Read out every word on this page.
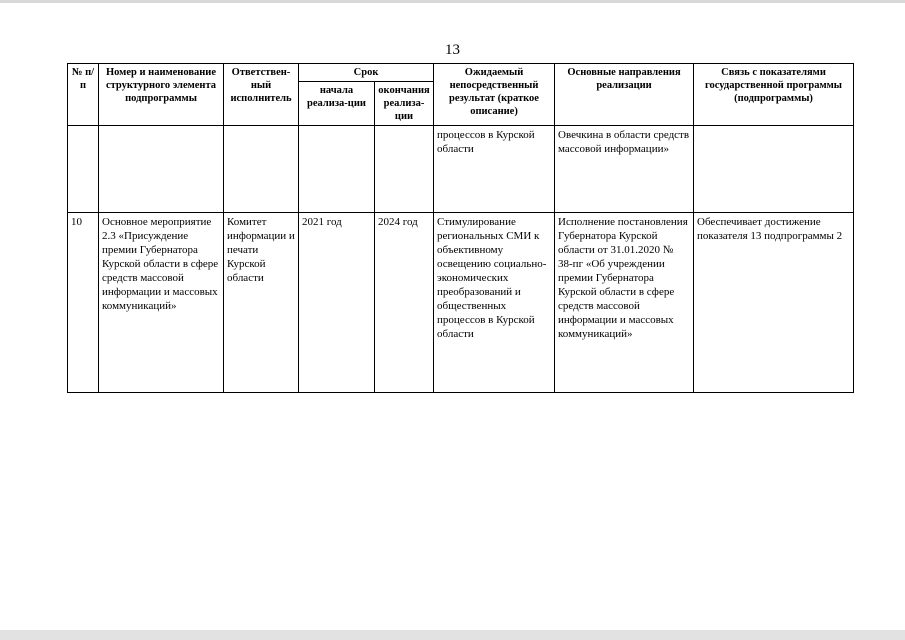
13
№ п/п	Номер и наименование структурного элемента подпрограммы	Ответствен-ный исполнитель	Срок		Ожидаемый непосредственный результат (краткое описание)	Основные направления реализации	Связь с показателями государственной программы (подпрограммы)
			начала реализа-ции	окончания реализа-ции			
					процессов в Курской области	Овечкина в области средств массовой информации»	
10	Основное мероприятие 2.3 «Присуждение премии Губернатора Курской области в сфере средств массовой информации и массовых коммуникаций»	Комитет информации и печати Курской области	2021 год	2024 год	Стимулирование региональных СМИ к объективному освещению социально-экономических преобразований и общественных процессов в Курской области	Исполнение постановления Губернатора Курской области от 31.01.2020 № 38-пг «Об учреждении премии Губернатора Курской области в сфере средств массовой информации и массовых коммуникаций»	Обеспечивает достижение показателя 13 подпрограммы 2
